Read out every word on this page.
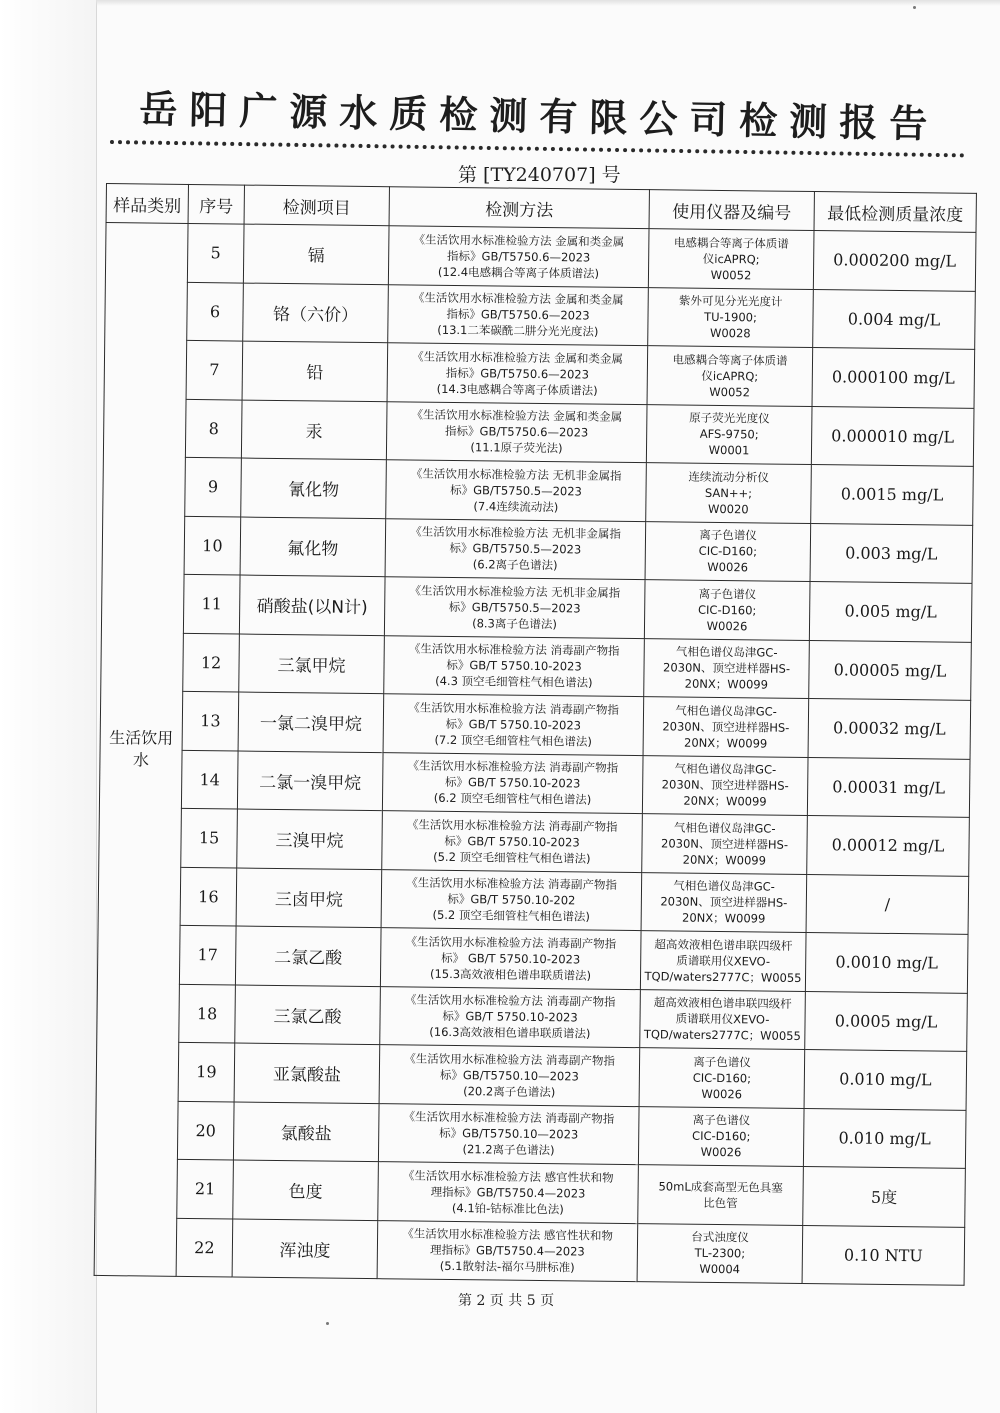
岳阳广源水质检测有限公司检测报告
第 [TY240707] 号
样品类别	序号	检测项目	检测方法	使用仪器及编号	最低检测质量浓度
生活饮用水	5	镉	《生活饮用水标准检验方法 金属和类金属
指标》GB/T5750.6—2023
(12.4电感耦合等离子体质谱法)	电感耦合等离子体质谱
仪icAPRQ;
W0052	0.000200 mg/L
	6	铬（六价）	《生活饮用水标准检验方法 金属和类金属
指标》GB/T5750.6—2023
(13.1二苯碳酰二肼分光光度法)	紫外可见分光光度计
TU-1900;
W0028	0.004 mg/L
	7	铅	《生活饮用水标准检验方法 金属和类金属
指标》GB/T5750.6—2023
(14.3电感耦合等离子体质谱法)	电感耦合等离子体质谱
仪icAPRQ;
W0052	0.000100 mg/L
	8	汞	《生活饮用水标准检验方法 金属和类金属
指标》GB/T5750.6—2023
(11.1原子荧光法)	原子荧光光度仪
AFS-9750;
W0001	0.000010 mg/L
	9	氰化物	《生活饮用水标准检验方法 无机非金属指
标》GB/T5750.5—2023
(7.4连续流动法)	连续流动分析仪
SAN++;
W0020	0.0015 mg/L
	10	氟化物	《生活饮用水标准检验方法 无机非金属指
标》GB/T5750.5—2023
(6.2离子色谱法)	离子色谱仪
CIC-D160;
W0026	0.003 mg/L
	11	硝酸盐(以N计)	《生活饮用水标准检验方法 无机非金属指
标》GB/T5750.5—2023
(8.3离子色谱法)	离子色谱仪
CIC-D160;
W0026	0.005 mg/L
	12	三氯甲烷	《生活饮用水标准检验方法 消毒副产物指
标》GB/T 5750.10-2023
(4.3 顶空毛细管柱气相色谱法)	气相色谱仪岛津GC-
2030N、顶空进样器HS-
20NX；W0099	0.00005 mg/L
	13	一氯二溴甲烷	《生活饮用水标准检验方法 消毒副产物指
标》GB/T 5750.10-2023
(7.2 顶空毛细管柱气相色谱法)	气相色谱仪岛津GC-
2030N、顶空进样器HS-
20NX；W0099	0.00032 mg/L
	14	二氯一溴甲烷	《生活饮用水标准检验方法 消毒副产物指
标》GB/T 5750.10-2023
(6.2 顶空毛细管柱气相色谱法)	气相色谱仪岛津GC-
2030N、顶空进样器HS-
20NX；W0099	0.00031 mg/L
	15	三溴甲烷	《生活饮用水标准检验方法 消毒副产物指
标》GB/T 5750.10-2023
(5.2 顶空毛细管柱气相色谱法)	气相色谱仪岛津GC-
2030N、顶空进样器HS-
20NX；W0099	0.00012 mg/L
	16	三卤甲烷	《生活饮用水标准检验方法 消毒副产物指
标》GB/T 5750.10-202
(5.2 顶空毛细管柱气相色谱法)	气相色谱仪岛津GC-
2030N、顶空进样器HS-
20NX；W0099	/
	17	二氯乙酸	《生活饮用水标准检验方法 消毒副产物指
标》 GB/T 5750.10-2023
(15.3高效液相色谱串联质谱法)	超高效液相色谱串联四级杆
质谱联用仪XEVO-
TQD/waters2777C；W0055	0.0010 mg/L
	18	三氯乙酸	《生活饮用水标准检验方法 消毒副产物指
标》GB/T 5750.10-2023
(16.3高效液相色谱串联质谱法)	超高效液相色谱串联四级杆
质谱联用仪XEVO-
TQD/waters2777C；W0055	0.0005 mg/L
	19	亚氯酸盐	《生活饮用水标准检验方法 消毒副产物指
标》GB/T5750.10—2023
(20.2离子色谱法)	离子色谱仪
CIC-D160;
W0026	0.010 mg/L
	20	氯酸盐	《生活饮用水标准检验方法 消毒副产物指
标》GB/T5750.10—2023
(21.2离子色谱法)	离子色谱仪
CIC-D160;
W0026	0.010 mg/L
	21	色度	《生活饮用水标准检验方法 感官性状和物
理指标》GB/T5750.4—2023
(4.1铂-钴标准比色法)	50mL成套高型无色具塞
比色管	5度
	22	浑浊度	《生活饮用水标准检验方法 感官性状和物
理指标》GB/T5750.4—2023
(5.1散射法-福尔马肼标准)	台式浊度仪
TL-2300;
W0004	0.10 NTU
第 2 页 共 5 页
